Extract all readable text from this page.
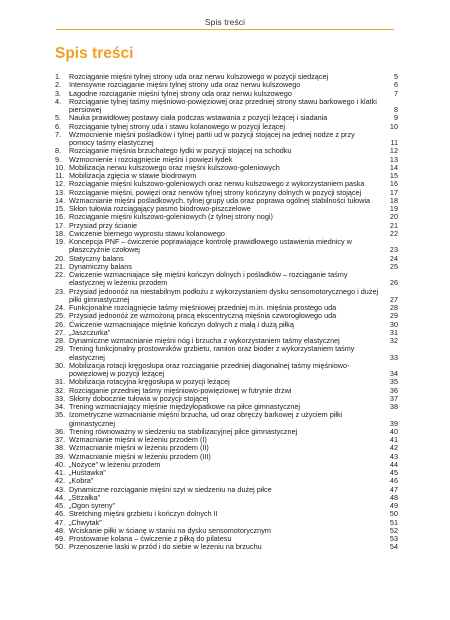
Spis treści
Spis treści
1. Rozciąganie mięśni tylnej strony uda oraz nerwu kulszowego w pozycji siedzącej	5
2. Intensywne rozciąganie mięśni tylnej strony uda oraz nerwu kulszowego	6
3. Łagodne rozciąganie mięśni tylnej strony uda oraz nerwu kulszowego	7
4. Rozciąganie tylnej taśmy mięśniowo-powięziowej oraz przedniej strony stawu barkowego i klatki piersiowej	8
5. Nauka prawidłowej postawy ciała podczas wstawania z pozycji leżącej i siadania	9
6. Rozciąganie tylnej strony uda i stawu kolanowego w pozycji leżącej	10
7. Wzmocnienie mięśni pośladków i tylnej partii ud w pozycji stojącej na jednej nodze z przy pomocy taśmy elastycznej	11
8. Rozciąganie mięśnia brzuchatego łydki w pozycji stojącej na schodku	12
9. Wzmocnienie i rozciągnięcie mięśni i powięzi łydek	13
10. Mobilizacja nerwu kulszowego oraz mięśni kulszowo-goleniowych	14
11. Mobilizacja zgięcia w stawie biodrowym	15
12. Rozciąganie mięśni kulszowo-goleniowych oraz nerwu kulszowego z wykorzystaniem paska	16
13. Rozciąganie mięśni, powięzi oraz nerwów tylnej strony kończyny dolnych w pozycji stojącej	17
14. Wzmacnianie mięśni pośladkowych, tylnej grupy uda oraz poprawa ogólnej stabilności tułowia	18
15. Skłon tułowia rozciągający pasmo biodrowo-piszczelowe	19
16. Rozciąganie mięśni kulszowo-goleniowych (z tylnej strony nogi)	20
17. Przysiad przy ścianie	21
18. Ćwiczenie biernego wyprostu stawu kolanowego	22
19. Koncepcja PNF – ćwiczenie poprawiające kontrolę prawidłowego ustawienia miednicy w płaszczyźnie czołowej	23
20. Statyczny balans	24
21. Dynamiczny balans	25
22. Ćwiczenie wzmacniające siłę mięśni kończyn dolnych i pośladków – rozciąganie taśmy elastycznej w leżeniu przodem	26
23. Przysiad jednonóż na niestabilnym podłożu z wykorzystaniem dysku sensomotorycznego i dużej piłki gimnastycznej	27
24. Funkcjonalne rozciągnięcie taśmy mięśniowej przedniej m.in. mięśnia prostego uda	28
25. Przysiad jednonóż ze wzmożoną pracą ekscentryczną mięśnia czworogłowego uda	29
26. Ćwiczenie wzmacniające mięśnie kończyn dolnych z małą i dużą piłką	30
27. „Jaszczurka”	31
28. Dynamiczne wzmacnianie mięśni nóg i brzucha z wykorzystaniem taśmy elastycznej	32
29. Trening funkcjonalny prostowników grzbietu, ramion oraz bioder z wykorzystaniem taśmy elastycznej	33
30. Mobilizacja rotacji kręgosłupa oraz rozciąganie przedniej diagonalnej taśmy mięśniowo-powięziowej w pozycji leżącej	34
31. Mobilizacja rotacyjna kręgosłupa w pozycji leżącej	35
32. Rozciąganie przedniej taśmy mięśniowo-powięziowej w futrynie drzwi	36
33. Skłony dobocznie tułowia w pozycji stojącej	37
34. Trening wzmacniający mięśnie międzyłopatkowe na piłce gimnastycznej	38
35. Izometryczne wzmacnianie mięśni brzucha, ud oraz obręczy barkowej z użyciem piłki gimnastycznej	39
36. Trening równoważny w siedzeniu na stabilizacyjnej piłce gimnastycznej	40
37. Wzmacnianie mięśni w leżeniu przodem (I)	41
38. Wzmacnianie mięśni w leżeniu przodem (II)	42
39. Wzmacnianie mięśni w leżeniu przodem (III)	43
40. „Nożyce” w leżeniu przodem	44
41. „Huśtawka”	45
42. „Kobra”	46
43. Dynamiczne rozciąganie mięśni szyi w siedzeniu na dużej piłce	47
44. „Strzałka”	48
45. „Ogon syreny”	49
46. Stretching mięśni grzbietu i kończyn dolnych II	50
47. „Chwytak”	51
48. Wciskanie piłki w ścianę w staniu na dysku sensomotorycznym	52
49. Prostowanie kolana – ćwiczenie z piłką do pilatesu	53
50. Przenoszenie laski w przód i do siebie w leżeniu na brzuchu	54
